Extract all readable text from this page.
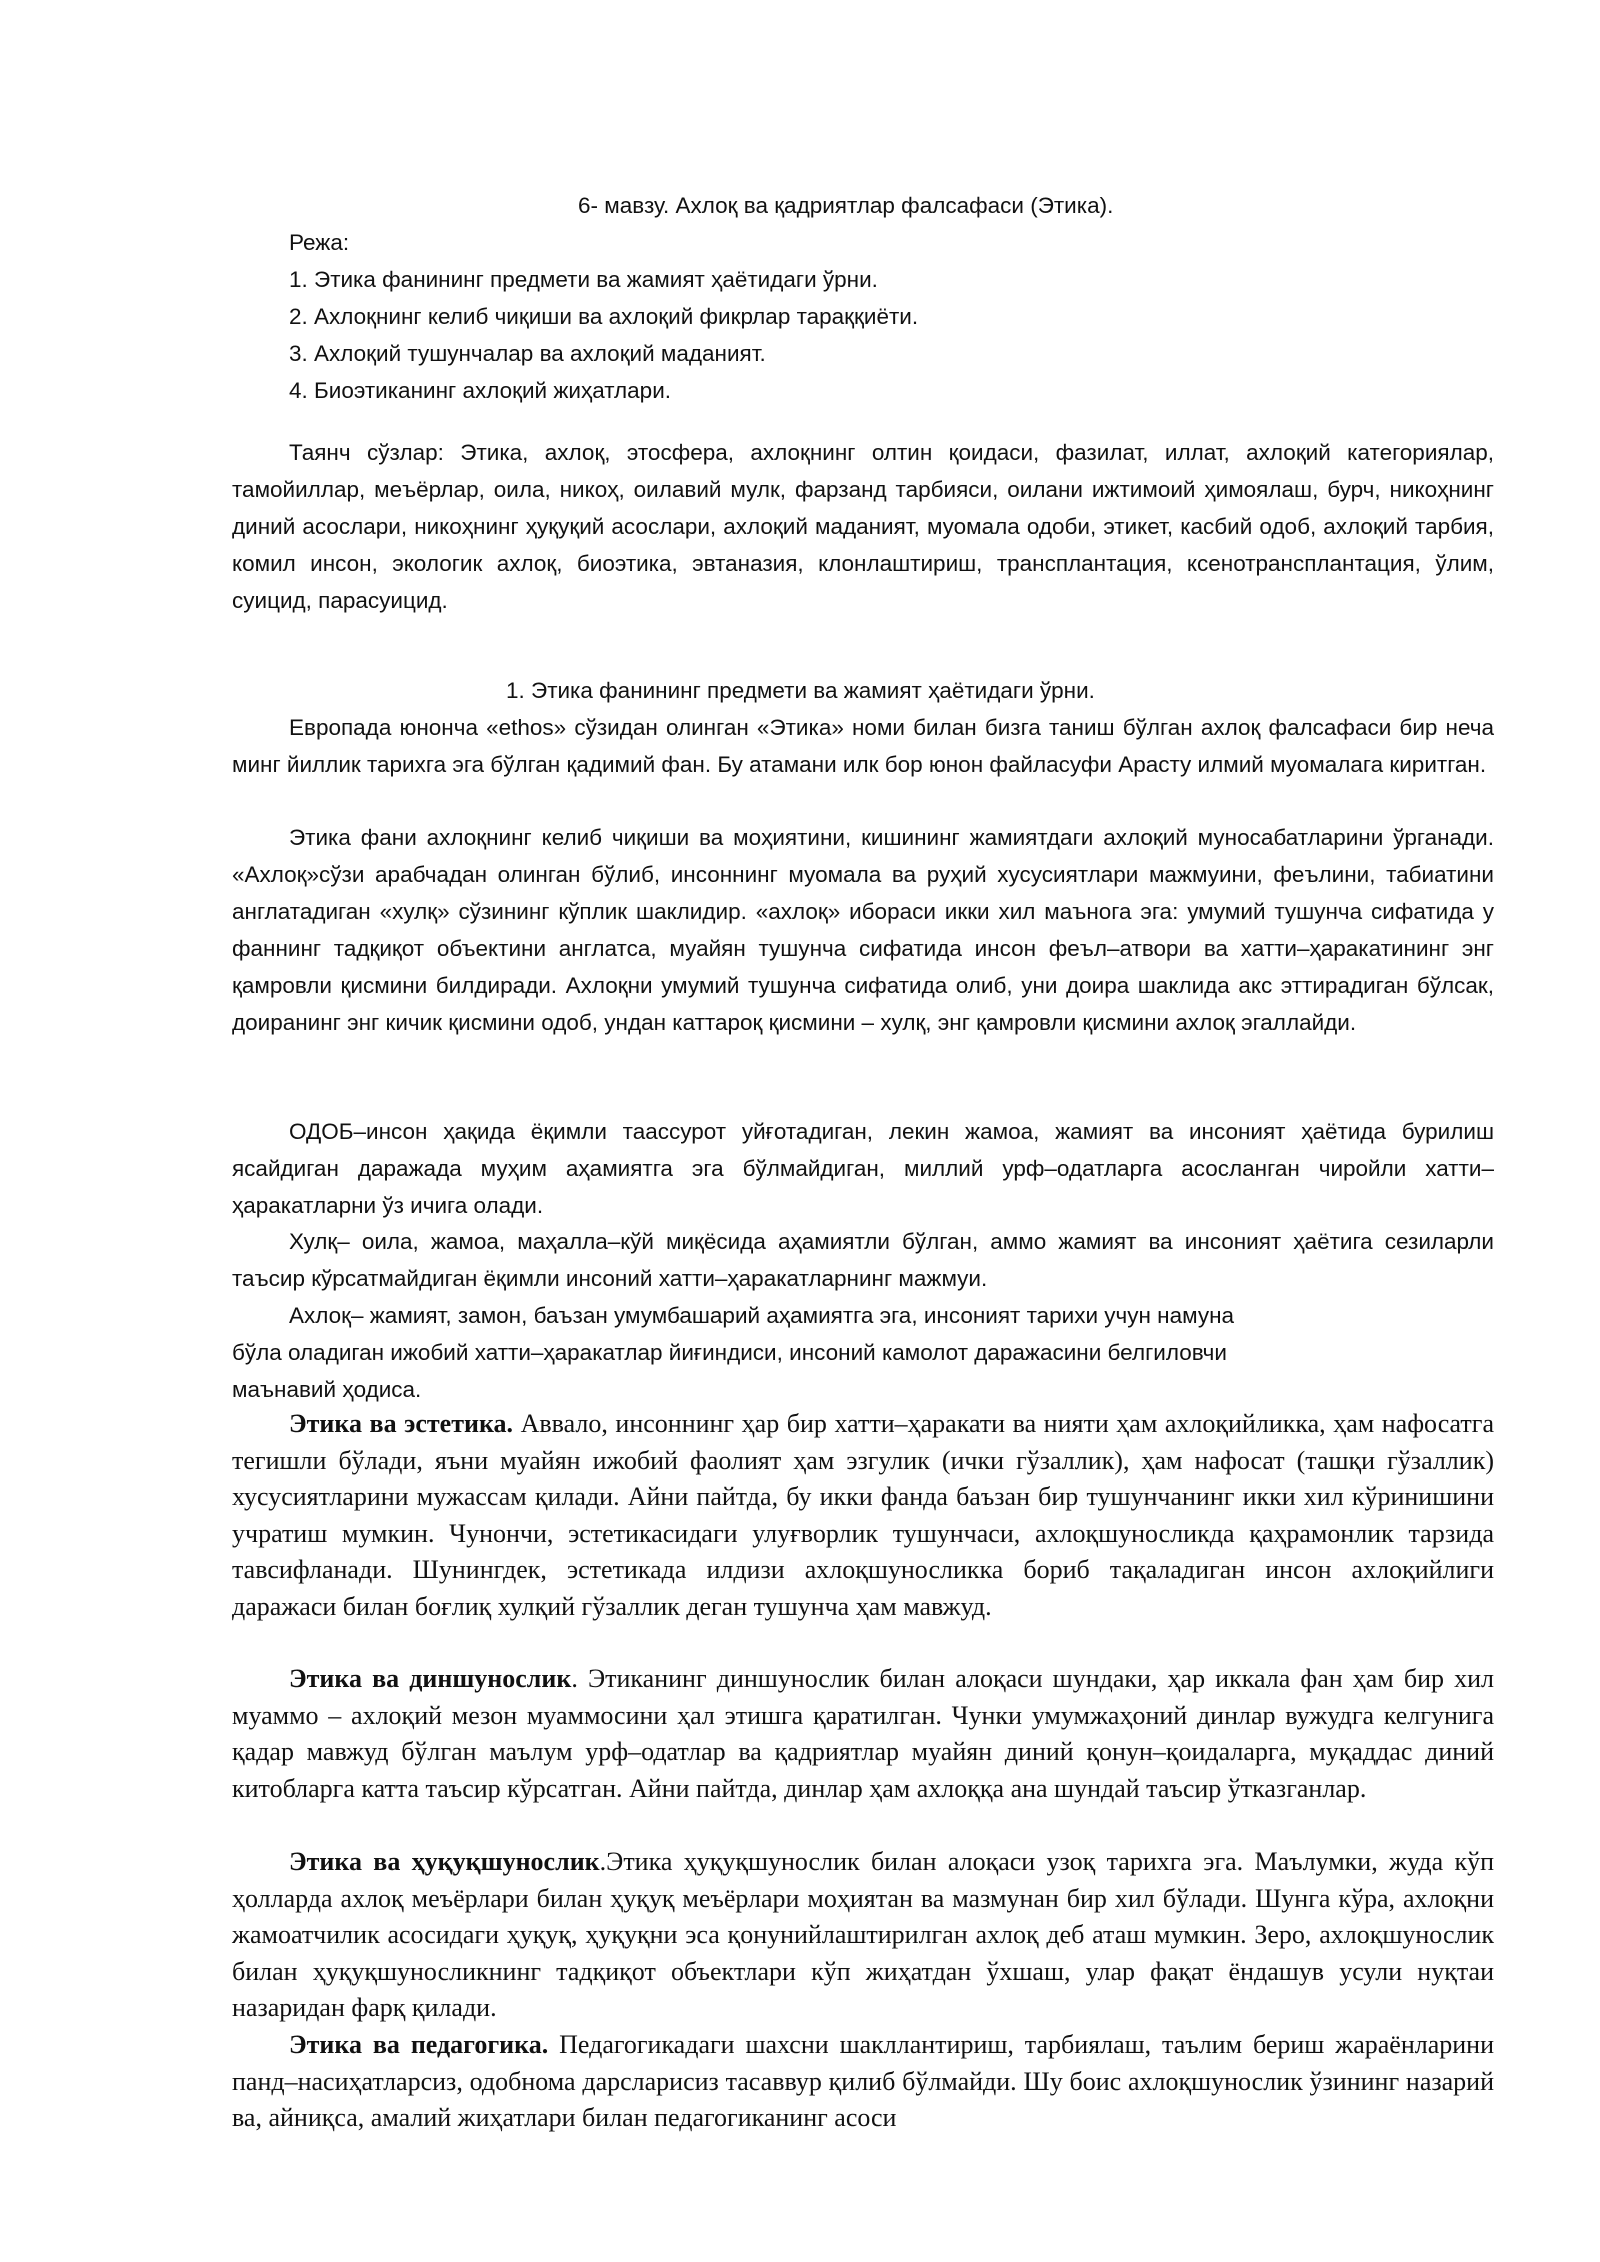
6- мавзу. Ахлоқ ва қадриятлар фалсафаси (Этика).
Режа:
1. Этика фанининг предмети ва жамият ҳаётидаги ўрни.
2. Ахлоқнинг келиб чиқиши ва ахлоқий фикрлар тараққиёти.
3. Ахлоқий тушунчалар ва ахлоқий маданият.
4. Биоэтиканинг ахлоқий жиҳатлари.
Таянч сўзлар: Этика, ахлоқ, этосфера, ахлоқнинг олтин қоидаси, фазилат, иллат, ахлоқий категориялар, тамойиллар, меъёрлар, оила, никоҳ, оилавий мулк, фарзанд тарбияси, оилани ижтимоий ҳимоялаш, бурч, никоҳнинг диний асослари, никоҳнинг ҳуқуқий асослари, ахлоқий маданият, муомала одоби, этикет, касбий одоб, ахлоқий тарбия, комил инсон, экологик ахлоқ, биоэтика, эвтаназия, клонлаштириш, трансплантация, ксенотрансплантация, ўлим, суицид, парасуицид.
1. Этика фанининг предмети ва жамият ҳаётидаги ўрни.
Европада юнонча «ethos» сўзидан олинган «Этика» номи билан бизга таниш бўлган ахлоқ фалсафаси бир неча минг йиллик тарихга эга бўлган қадимий фан. Бу атамани илк бор юнон файласуфи Арасту илмий муомалага киритган.
Этика фани ахлоқнинг келиб чиқиши ва моҳиятини, кишининг жамиятдаги ахлоқий муносабатларини ўрганади. «Ахлоқ»сўзи арабчадан олинган бўлиб, инсоннинг муомала ва руҳий хусусиятлари мажмуини, феълини, табиатини англатадиган «хулқ» сўзининг кўплик шаклидир. «ахлоқ» ибораси икки хил маънога эга: умумий тушунча сифатида у фаннинг тадқиқот объектини англатса, муайян тушунча сифатида инсон феъл–атвори ва хатти–ҳаракатининг энг қамровли қисмини билдиради. Ахлоқни умумий тушунча сифатида олиб, уни доира шаклида акс эттирадиган бўлсак, доиранинг энг кичик қисмини одоб, ундан каттароқ қисмини – хулқ, энг қамровли қисмини ахлоқ эгаллайди.
ОДОБ–инсон ҳақида ёқимли таассурот уйғотадиган, лекин жамоа, жамият ва инсоният ҳаётида бурилиш ясайдиган даражада муҳим аҳамиятга эга бўлмайдиган, миллий урф–одатларга асосланган чиройли хатти–ҳаракатларни ўз ичига олади.
Хулқ– оила, жамоа, маҳалла–кўй миқёсида аҳамиятли бўлган, аммо жамият ва инсоният ҳаётига сезиларли таъсир кўрсатмайдиган ёқимли инсоний хатти–ҳаракатларнинг мажмуи.
Ахлоқ– жамият, замон, баъзан умумбашарий аҳамиятга эга, инсоният тарихи учун намуна
бўла оладиган ижобий хатти–ҳаракатлар йиғиндиси, инсоний камолот даражасини белгиловчи
маънавий ҳодиса.
Этика ва эстетика. Аввало, инсоннинг ҳар бир хатти–ҳаракати ва нияти ҳам ахлоқийликка, ҳам нафосатга тегишли бўлади, яъни муайян ижобий фаолият ҳам эзгулик (ички гўзаллик), ҳам нафосат (ташқи гўзаллик) хусусиятларини мужассам қилади. Айни пайтда, бу икки фанда баъзан бир тушунчанинг икки хил кўринишини учратиш мумкин. Чунончи, эстетикасидаги улуғворлик тушунчаси, ахлоқшуносликда қаҳрамонлик тарзида тавсифланади. Шунингдек, эстетикада илдизи ахлоқшуносликка бориб тақаладиган инсон ахлоқийлиги даражаси билан боғлиқ хулқий гўзаллик деган тушунча ҳам мавжуд.
Этика ва диншунослик. Этиканинг диншунослик билан алоқаси шундаки, ҳар иккала фан ҳам бир хил муаммо – ахлоқий мезон муаммосини ҳал этишга қаратилган. Чунки умумжаҳоний динлар вужудга келгунига қадар мавжуд бўлган маълум урф–одатлар ва қадриятлар муайян диний қонун–қоидаларга, муқаддас диний китобларга катта таъсир кўрсатган. Айни пайтда, динлар ҳам ахлоққа ана шундай таъсир ўтказганлар.
Этика ва ҳуқуқшунослик.Этика ҳуқуқшунослик билан алоқаси узоқ тарихга эга. Маълумки, жуда кўп ҳолларда ахлоқ меъёрлари билан ҳуқуқ меъёрлари моҳиятан ва мазмунан бир хил бўлади. Шунга кўра, ахлоқни жамоатчилик асосидаги ҳуқуқ, ҳуқуқни эса қонунийлаштирилган ахлоқ деб аташ мумкин. Зеро, ахлоқшунослик билан ҳуқуқшуносликнинг тадқиқот объектлари кўп жиҳатдан ўхшаш, улар фақат ёндашув усули нуқтаи назаридан фарқ қилади.
Этика ва педагогика. Педагогикадаги шахсни шакллантириш, тарбиялаш, таълим бериш жараёнларини панд–насиҳатларсиз, одобнома дарсларисиз тасаввур қилиб бўлмайди. Шу боис ахлоқшунослик ўзининг назарий ва, айниқса, амалий жиҳатлари билан педагогиканинг асоси
